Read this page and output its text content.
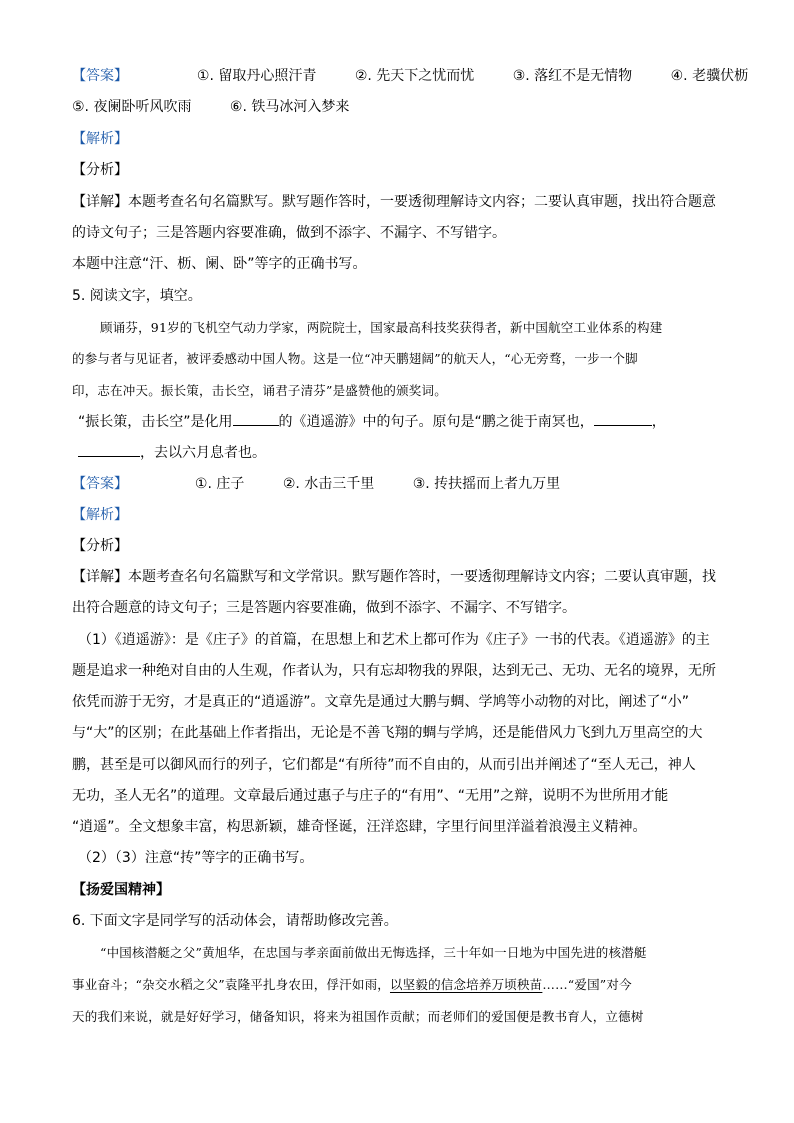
【答案】	①. 留取丹心照汗青	②. 先天下之忧而忧	③. 落红不是无情物	④. 老骥伏枥
⑤. 夜阑卧听风吹雨	⑥. 铁马冰河入梦来
【解析】
【分析】
【详解】本题考查名句名篇默写。默写题作答时，一要透彻理解诗文内容；二要认真审题，找出符合题意
的诗文句子；三是答题内容要准确，做到不添字、不漏字、不写错字。
本题中注意“汗、枥、阑、卧”等字的正确书写。
5. 阅读文字，填空。
顾诵芬，91岁的飞机空气动力学家，两院院士，国家最高科技奖获得者，新中国航空工业体系的构建
的参与者与见证者，被评委感动中国人物。这是一位“冲天鹏翅阔”的航天人，“心无旁骛，一步一个脚
印，志在冲天。振长策，击长空，诵君子清芬”是盛赞他的颁奖词。
“振长策，击长空”是化用	的《逍遥游》中的句子。原句是“鹏之徙于南冥也，	，
，去以六月息者也。
【答案】	①. 庄子	②. 水击三千里	③. 抟扶摇而上者九万里
【解析】
【分析】
【详解】本题考查名句名篇默写和文学常识。默写题作答时，一要透彻理解诗文内容；二要认真审题，找
出符合题意的诗文句子；三是答题内容要准确，做到不添字、不漏字、不写错字。
（1）《逍遥游》：是《庄子》的首篇，在思想上和艺术上都可作为《庄子》一书的代表。《逍遥游》的主
题是追求一种绝对自由的人生观，作者认为，只有忘却物我的界限，达到无己、无功、无名的境界，无所
依凭而游于无穷，才是真正的“逍遥游”。文章先是通过大鹏与蜩、学鸠等小动物的对比，阐述了“小”
与“大”的区别；在此基础上作者指出，无论是不善飞翔的蜩与学鸠，还是能借风力飞到九万里高空的大
鹏，甚至是可以御风而行的列子，它们都是“有所待”而不自由的，从而引出并阐述了“至人无己，神人
无功，圣人无名”的道理。文章最后通过惠子与庄子的“有用”、“无用”之辩，说明不为世所用才能
“逍遥”。全文想象丰富，构思新颖，雄奇怪诞，汪洋恣肆，字里行间里洋溢着浪漫主义精神。
（2）（3）注意“抟”等字的正确书写。
【扬爱国精神】
6. 下面文字是同学写的活动体会，请帮助修改完善。
“中国核潜艇之父”黄旭华，在忠国与孝亲面前做出无悔选择，三十年如一日地为中国先进的核潜艇
事业奋斗；“杂交水稻之父”袁隆平扎身农田，俘汗如雨，以坚毅的信念培养万顷秧苗……“爱国”对今
天的我们来说，就是好好学习，储备知识，将来为祖国作贡献；而老师们的爱国便是教书育人，立德树
